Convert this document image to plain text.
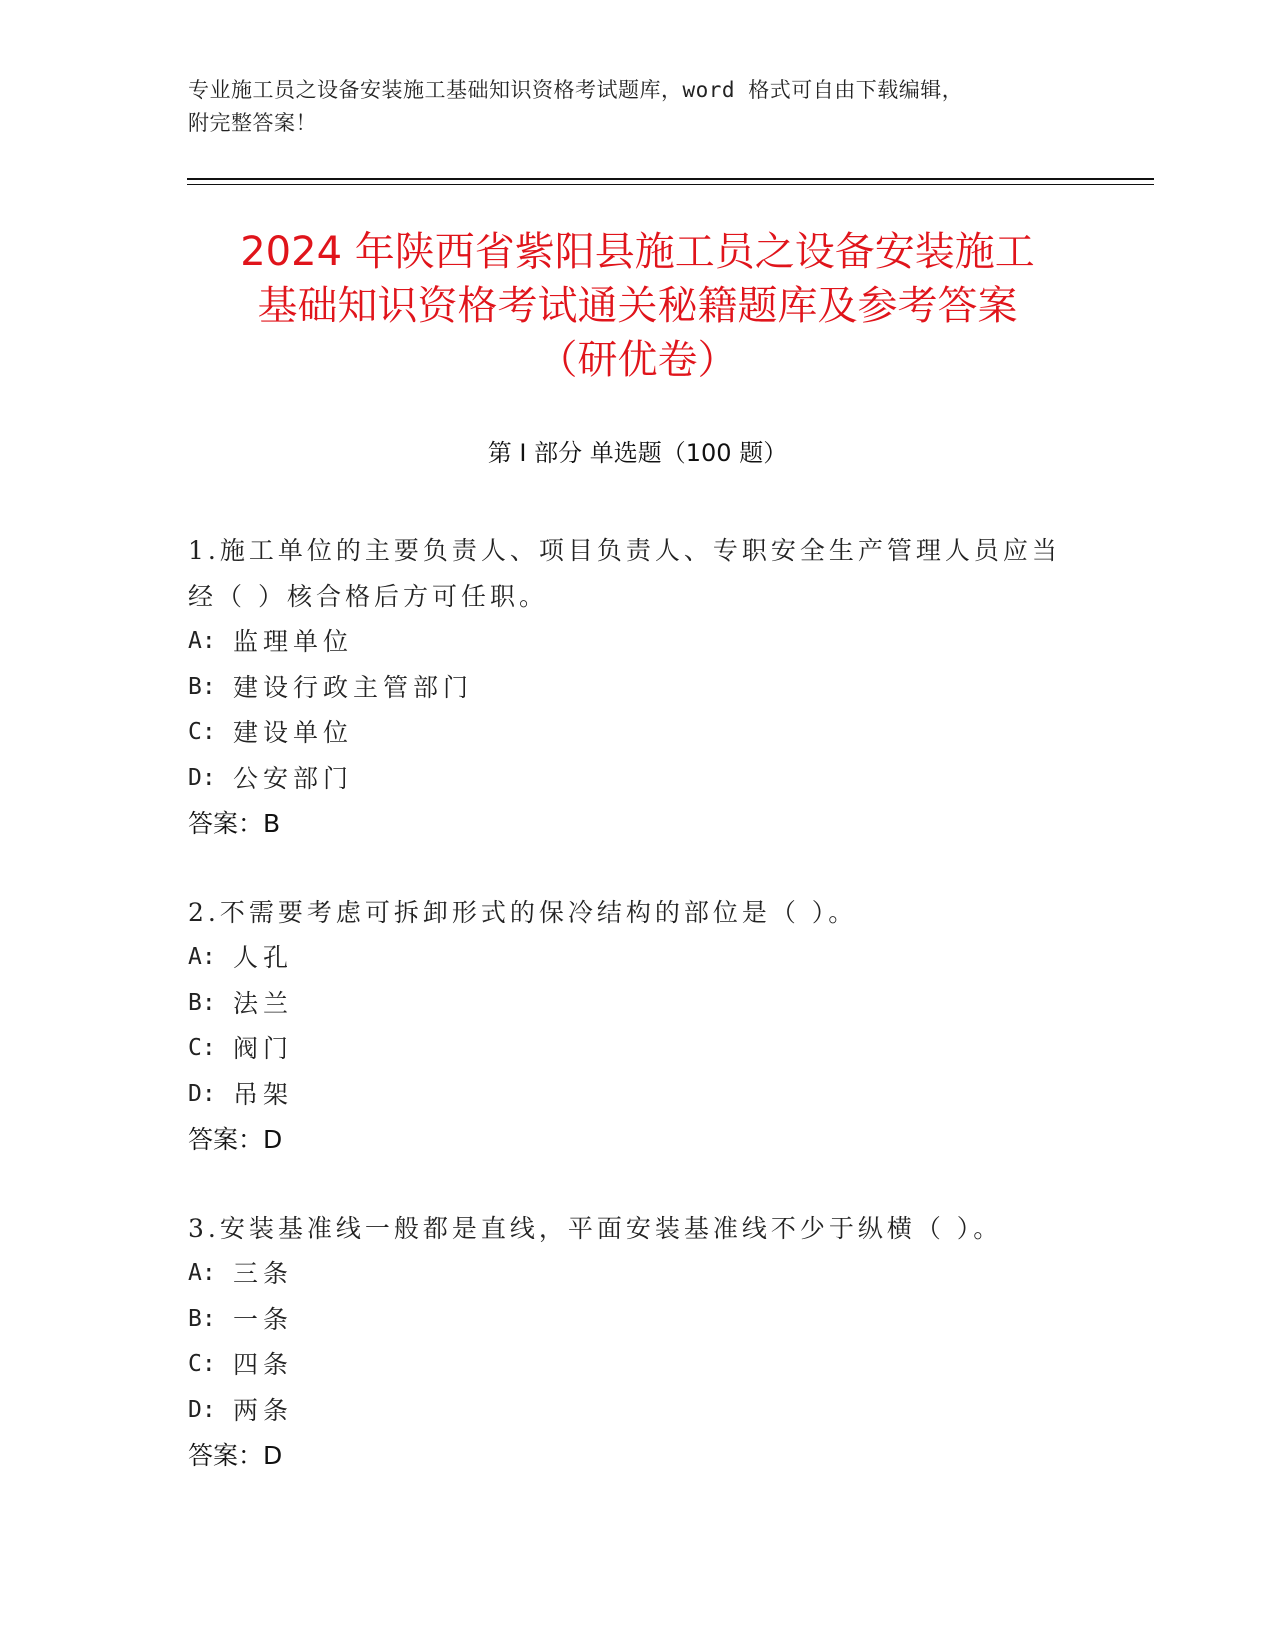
专业施工员之设备安装施工基础知识资格考试题库，word 格式可自由下载编辑，
附完整答案！
2024 年陕西省紫阳县施工员之设备安装施工
基础知识资格考试通关秘籍题库及参考答案
（研优卷）
第 I 部分 单选题（100 题）
1.施工单位的主要负责人、项目负责人、专职安全生产管理人员应当
经（ ）核合格后方可任职。
A: 监理单位
B: 建设行政主管部门
C: 建设单位
D: 公安部门
答案：B
2.不需要考虑可拆卸形式的保冷结构的部位是（ ）。
A: 人孔
B: 法兰
C: 阀门
D: 吊架
答案：D
3.安装基准线一般都是直线，平面安装基准线不少于纵横（ ）。
A: 三条
B: 一条
C: 四条
D: 两条
答案：D
